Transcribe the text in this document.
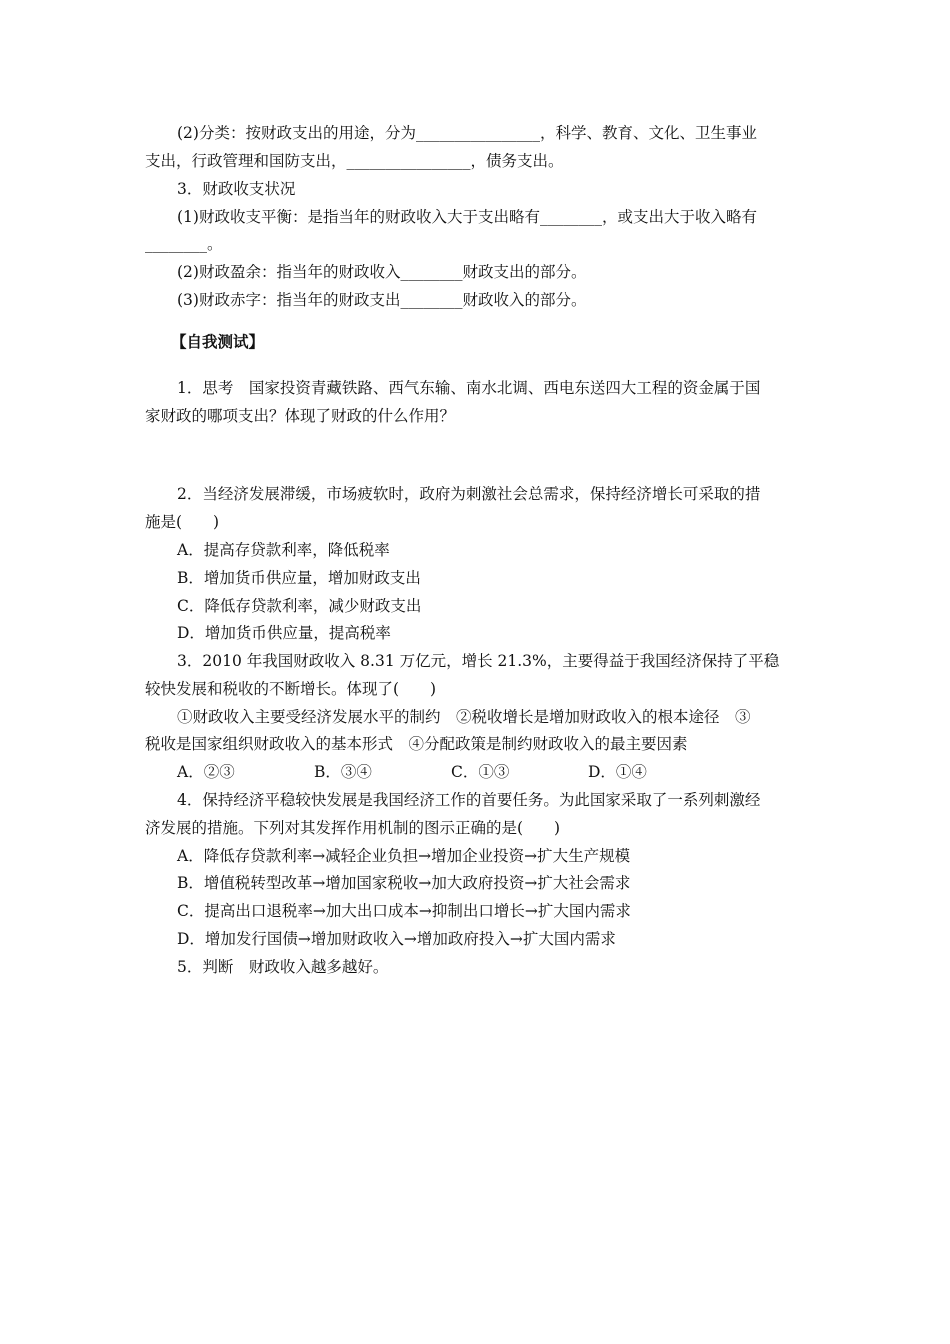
(2)分类：按财政支出的用途，分为________________，科学、教育、文化、卫生事业
支出，行政管理和国防支出，________________，债务支出。
3．财政收支状况
(1)财政收支平衡：是指当年的财政收入大于支出略有________，或支出大于收入略有
________。
(2)财政盈余：指当年的财政收入________财政支出的部分。
(3)财政赤字：指当年的财政支出________财政收入的部分。
【自我测试】
1．思考　国家投资青藏铁路、西气东输、南水北调、西电东送四大工程的资金属于国
家财政的哪项支出？体现了财政的什么作用？
2．当经济发展滞缓，市场疲软时，政府为刺激社会总需求，保持经济增长可采取的措
施是(　　)
A．提高存贷款利率，降低税率
B．增加货币供应量，增加财政支出
C．降低存贷款利率，减少财政支出
D．增加货币供应量，提高税率
3．2010 年我国财政收入 8.31 万亿元，增长 21.3%，主要得益于我国经济保持了平稳
较快发展和税收的不断增长。体现了(　　)
①财政收入主要受经济发展水平的制约　②税收增长是增加财政收入的根本途径　③
税收是国家组织财政收入的基本形式　④分配政策是制约财政收入的最主要因素
A．②③	B．③④	C．①③	D．①④
4．保持经济平稳较快发展是我国经济工作的首要任务。为此国家采取了一系列刺激经
济发展的措施。下列对其发挥作用机制的图示正确的是(　　)
A．降低存贷款利率→减轻企业负担→增加企业投资→扩大生产规模
B．增值税转型改革→增加国家税收→加大政府投资→扩大社会需求
C．提高出口退税率→加大出口成本→抑制出口增长→扩大国内需求
D．增加发行国债→增加财政收入→增加政府投入→扩大国内需求
5．判断　财政收入越多越好。
